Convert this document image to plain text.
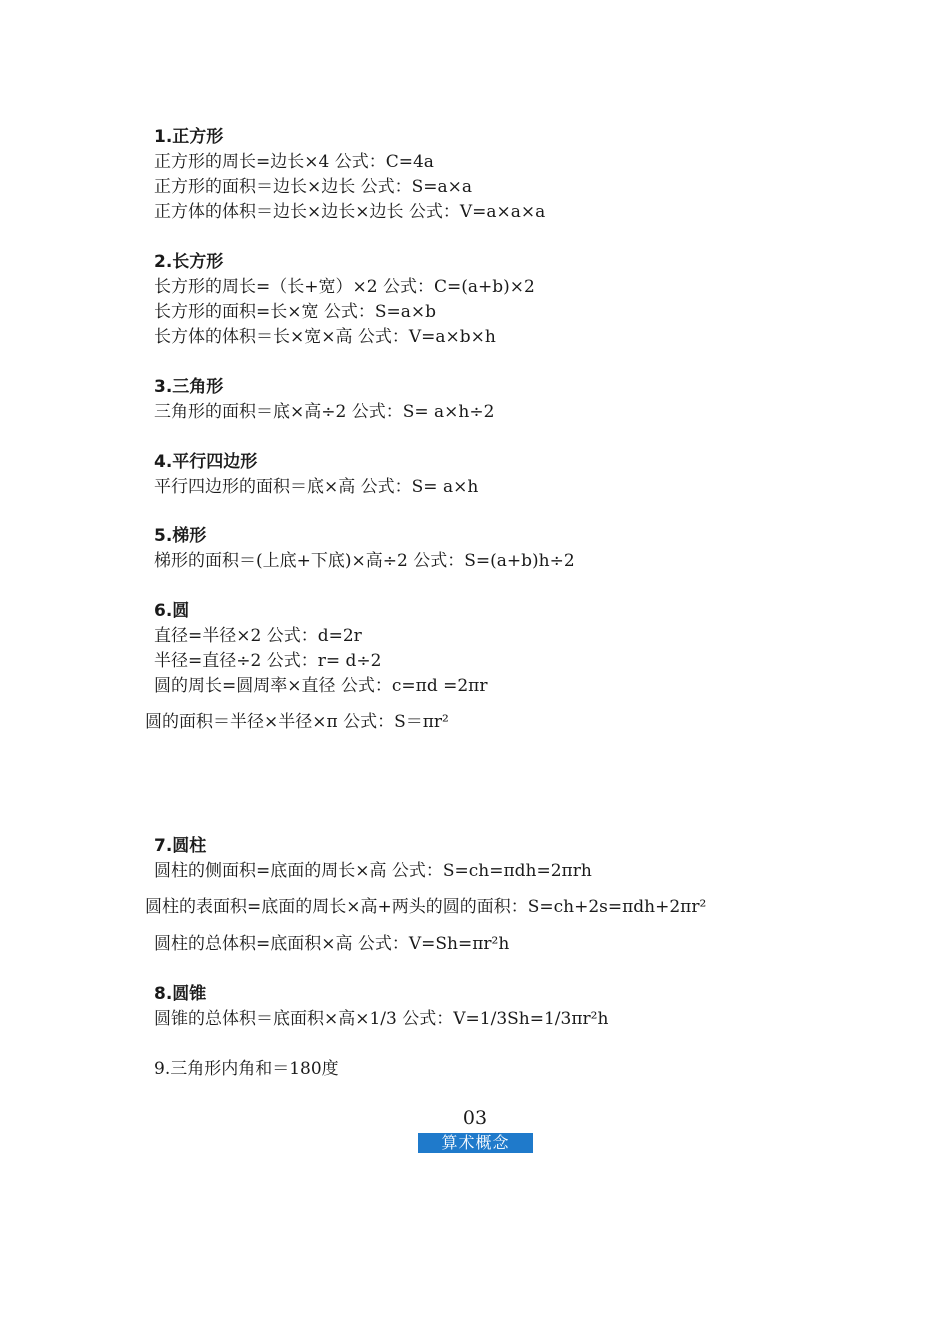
1.正方形
正方形的周长=边长×4 公式：C=4a
正方形的面积＝边长×边长 公式：S=a×a
正方体的体积＝边长×边长×边长 公式：V=a×a×a
2.长方形
长方形的周长=（长+宽）×2 公式：C=(a+b)×2
长方形的面积=长×宽 公式：S=a×b
长方体的体积＝长×宽×高 公式：V=a×b×h
3.三角形
三角形的面积＝底×高÷2 公式：S= a×h÷2
4.平行四边形
平行四边形的面积＝底×高 公式：S= a×h
5.梯形
梯形的面积＝(上底+下底)×高÷2 公式：S=(a+b)h÷2
6.圆
直径=半径×2 公式：d=2r
半径=直径÷2 公式：r= d÷2
圆的周长=圆周率×直径 公式：c=πd =2πr
圆的面积＝半径×半径×π 公式：S＝πr²
7.圆柱
圆柱的侧面积=底面的周长×高 公式：S=ch=πdh=2πrh
圆柱的表面积=底面的周长×高+两头的圆的面积：S=ch+2s=πdh+2πr²
圆柱的总体积=底面积×高 公式：V=Sh=πr²h
8.圆锥
圆锥的总体积＝底面积×高×1/3 公式：V=1/3Sh=1/3πr²h
9.三角形内角和＝180度
03
算术概念
